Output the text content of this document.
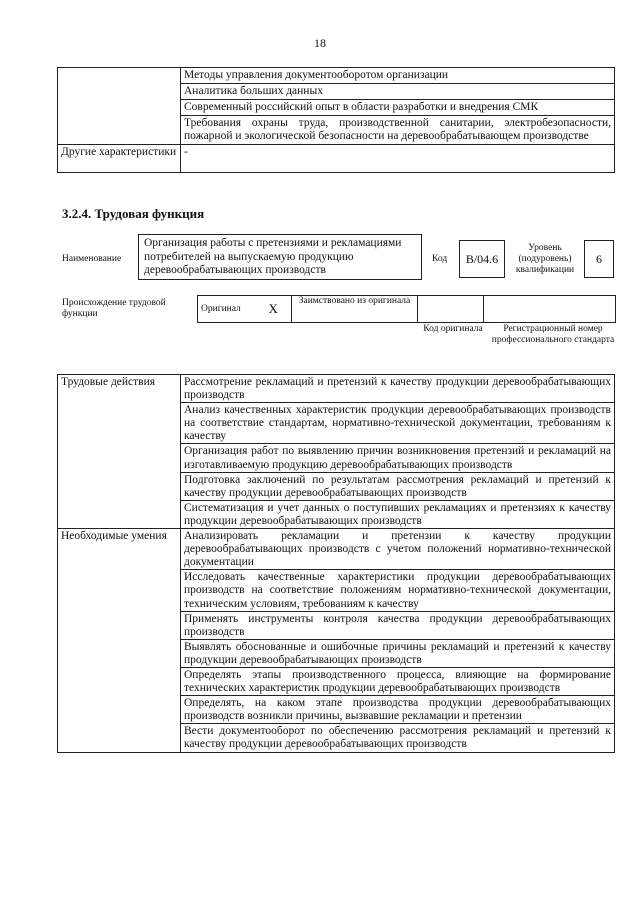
18
	Методы управления документооборотом организации
	Аналитика больших данных
	Современный российский опыт в области разработки и внедрения СМК
	Требования охраны труда, производственной санитарии, электробезопасности, пожарной и экологической безопасности на деревообрабатывающем производстве
Другие характеристики	-
3.2.4. Трудовая функция
Наименование
Организация работы с претензиями и рекламациями потребителей на выпускаемую продукцию деревообрабатывающих производств
Код	B/04.6
Уровень (подуровень) квалификации
6
Происхождение трудовой функции	Оригинал	X	Заимствовано из оригинала		
Код оригинала	Регистрационный номер профессионального стандарта
Трудовые действия	Рассмотрение рекламаций и претензий к качеству продукции деревообрабатывающих производств
	Анализ качественных характеристик продукции деревообрабатывающих производств на соответствие стандартам, нормативно-технической документации, требованиям к качеству
	Организация работ по выявлению причин возникновения претензий и рекламаций на изготавливаемую продукцию деревообрабатывающих производств
	Подготовка заключений по результатам рассмотрения рекламаций и претензий к качеству продукции деревообрабатывающих производств
	Систематизация и учет данных о поступивших рекламациях и претензиях к качеству продукции деревообрабатывающих производств
Необходимые умения	Анализировать рекламации и претензии к качеству продукции деревообрабатывающих производств с учетом положений нормативно-технической документации
	Исследовать качественные характеристики продукции деревообрабатывающих производств на соответствие положениям нормативно-технической документации, техническим условиям, требованиям к качеству
	Применять инструменты контроля качества продукции деревообрабатывающих производств
	Выявлять обоснованные и ошибочные причины рекламаций и претензий к качеству продукции деревообрабатывающих производств
	Определять этапы производственного процесса, влияющие на формирование технических характеристик продукции деревообрабатывающих производств
	Определять, на каком этапе производства продукции деревообрабатывающих производств возникли причины, вызвавшие рекламации и претензии
	Вести документооборот по обеспечению рассмотрения рекламаций и претензий к качеству продукции деревообрабатывающих производств
